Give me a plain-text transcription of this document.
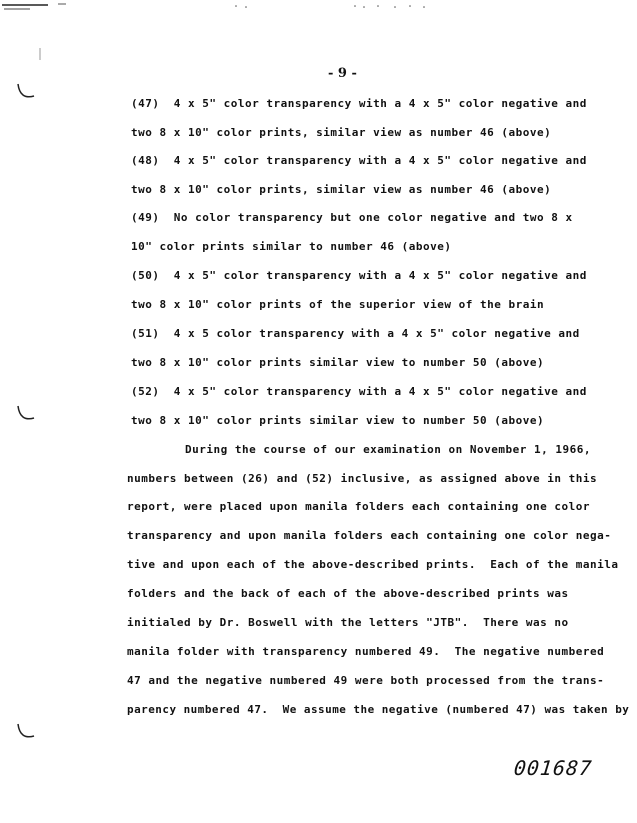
- 9 -
(47)  4 x 5" color transparency with a 4 x 5" color negative and
two 8 x 10" color prints, similar view as number 46 (above)
(48)  4 x 5" color transparency with a 4 x 5" color negative and
two 8 x 10" color prints, similar view as number 46 (above)
(49)  No color transparency but one color negative and two 8 x
10" color prints similar to number 46 (above)
(50)  4 x 5" color transparency with a 4 x 5" color negative and
two 8 x 10" color prints of the superior view of the brain
(51)  4 x 5 color transparency with a 4 x 5" color negative and
two 8 x 10" color prints similar view to number 50 (above)
(52)  4 x 5" color transparency with a 4 x 5" color negative and
two 8 x 10" color prints similar view to number 50 (above)
During the course of our examination on November 1, 1966,
numbers between (26) and (52) inclusive, as assigned above in this
report, were placed upon manila folders each containing one color
transparency and upon manila folders each containing one color nega-
tive and upon each of the above-described prints.  Each of the manila
folders and the back of each of the above-described prints was
initialed by Dr. Boswell with the letters "JTB".  There was no
manila folder with transparency numbered 49.  The negative numbered
47 and the negative numbered 49 were both processed from the trans-
parency numbered 47.  We assume the negative (numbered 47) was taken by
001687
